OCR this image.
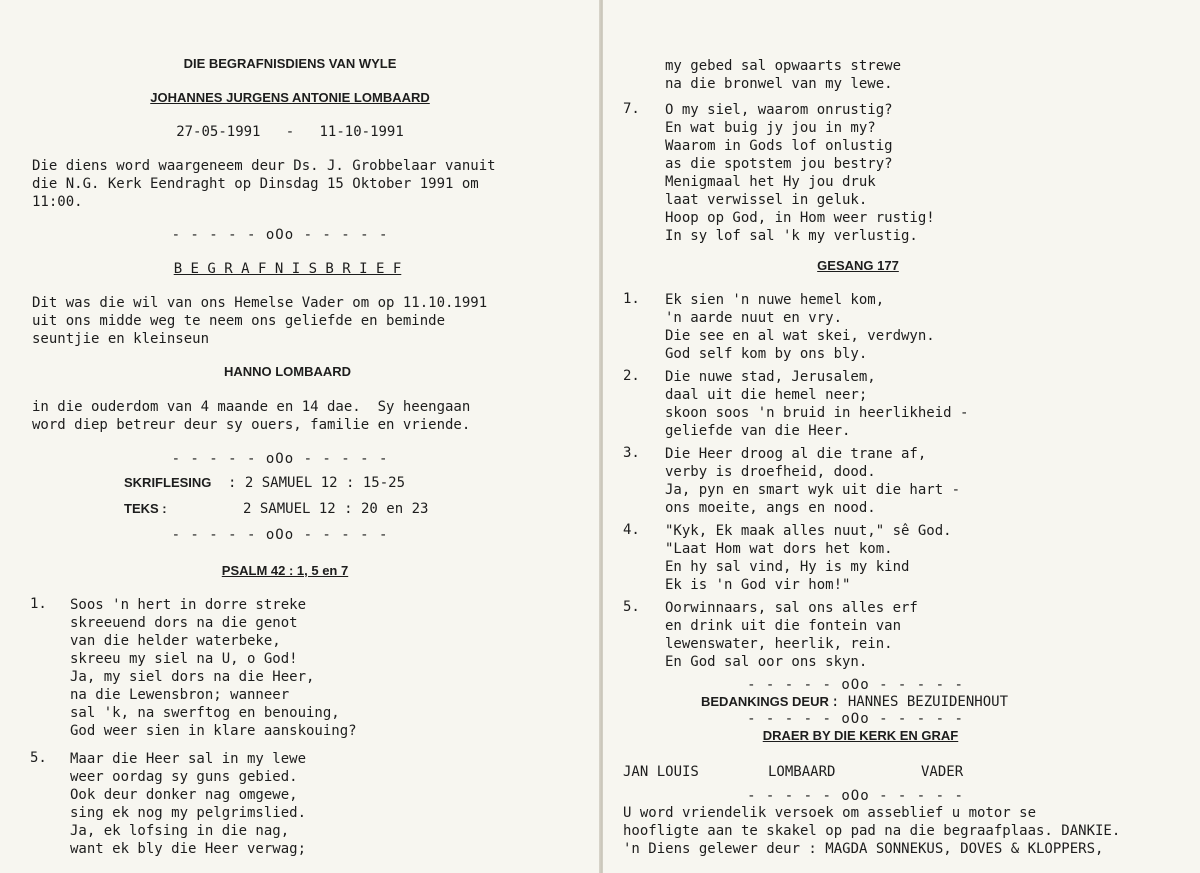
DIE BEGRAFNISDIENS VAN WYLE
JOHANNES JURGENS ANTONIE LOMBAARD
27-05-1991   -   11-10-1991
Die diens word waargeneem deur Ds. J. Grobbelaar vanuit
die N.G. Kerk Eendraght op Dinsdag 15 Oktober 1991 om
11:00.
- - - - - oOo - - - - -
B E G R A F N I S B R I E F
Dit was die wil van ons Hemelse Vader om op 11.10.1991
uit ons midde weg te neem ons geliefde en beminde
seuntjie en kleinseun
HANNO LOMBAARD
in die ouderdom van 4 maande en 14 dae.  Sy heengaan
word diep betreur deur sy ouers, familie en vriende.
- - - - - oOo - - - - -
SKRIFLESING : 2 SAMUEL 12 : 15-25
TEKS :	2 SAMUEL 12 : 20 en 23
- - - - - oOo - - - - -
PSALM 42 : 1, 5 en 7
1. Soos 'n hert in dorre streke
skreeuend dors na die genot
van die helder waterbeke,
skreeu my siel na U, o God!
Ja, my siel dors na die Heer,
na die Lewensbron; wanneer
sal 'k, na swerftog en benouing,
God weer sien in klare aanskouing?
5. Maar die Heer sal in my lewe
weer oordag sy guns gebied.
Ook deur donker nag omgewe,
sing ek nog my pelgrimslied.
Ja, ek lofsing in die nag,
want ek bly die Heer verwag;
my gebed sal opwaarts strewe
na die bronwel van my lewe.
7. O my siel, waarom onrustig?
En wat buig jy jou in my?
Waarom in Gods lof onlustig
as die spotstem jou bestry?
Menigmaal het Hy jou druk
laat verwissel in geluk.
Hoop op God, in Hom weer rustig!
In sy lof sal 'k my verlustig.
GESANG 177
1. Ek sien 'n nuwe hemel kom,
'n aarde nuut en vry.
Die see en al wat skei, verdwyn.
God self kom by ons bly.
2. Die nuwe stad, Jerusalem,
daal uit die hemel neer;
skoon soos 'n bruid in heerlikheid -
geliefde van die Heer.
3. Die Heer droog al die trane af,
verby is droefheid, dood.
Ja, pyn en smart wyk uit die hart -
ons moeite, angs en nood.
4. "Kyk, Ek maak alles nuut," sê God.
"Laat Hom wat dors het kom.
En hy sal vind, Hy is my kind
Ek is 'n God vir hom!"
5. Oorwinnaars, sal ons alles erf
en drink uit die fontein van
lewenswater, heerlik, rein.
En God sal oor ons skyn.
- - - - - oOo - - - - -
BEDANKINGS DEUR : HANNES BEZUIDENHOUT
- - - - - oOo - - - - -
DRAER BY DIE KERK EN GRAF
JAN LOUIS	LOMBAARD	VADER
- - - - - oOo - - - - -
U word vriendelik versoek om asseblief u motor se
hoofligte aan te skakel op pad na die begraafplaas. DANKIE.
'n Diens gelewer deur : MAGDA SONNEKUS, DOVES & KLOPPERS,
